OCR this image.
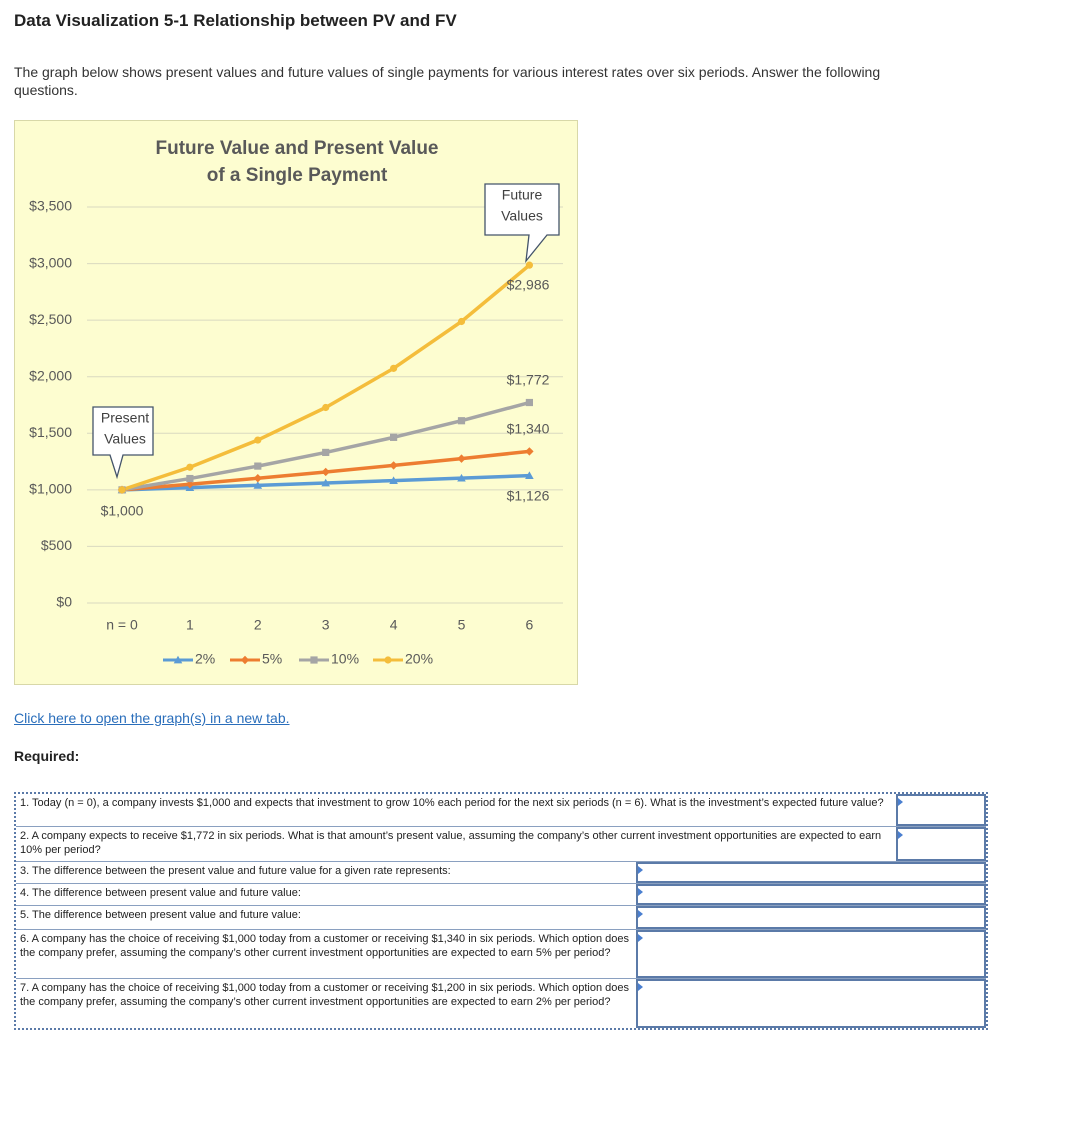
Data Visualization 5-1 Relationship between PV and FV
The graph below shows present values and future values of single payments for various interest rates over six periods. Answer the following questions.
Future Value and Present Value
of a Single Payment
$0
$500
$1,000
$1,500
$2,000
$2,500
$3,000
$3,500
n = 0	1	2	3	4	5	6
$1,000
$2,986
$1,772
$1,340
$1,126
Present
Values
Future
Values
2%	5%	10%	20%
Click here to open the graph(s) in a new tab.
Required:
1. Today (n = 0), a company invests $1,000 and expects that investment to grow 10% each period for the next six periods (n = 6). What is the investment’s expected future value?
2. A company expects to receive $1,772 in six periods. What is that amount’s present value, assuming the company’s other current investment opportunities are expected to earn 10% per period?
3. The difference between the present value and future value for a given rate represents:
4. The difference between present value and future value:
5. The difference between present value and future value:
6. A company has the choice of receiving $1,000 today from a customer or receiving $1,340 in six periods. Which option does the company prefer, assuming the company’s other current investment opportunities are expected to earn 5% per period?
7. A company has the choice of receiving $1,000 today from a customer or receiving $1,200 in six periods. Which option does the company prefer, assuming the company’s other current investment opportunities are expected to earn 2% per period?
